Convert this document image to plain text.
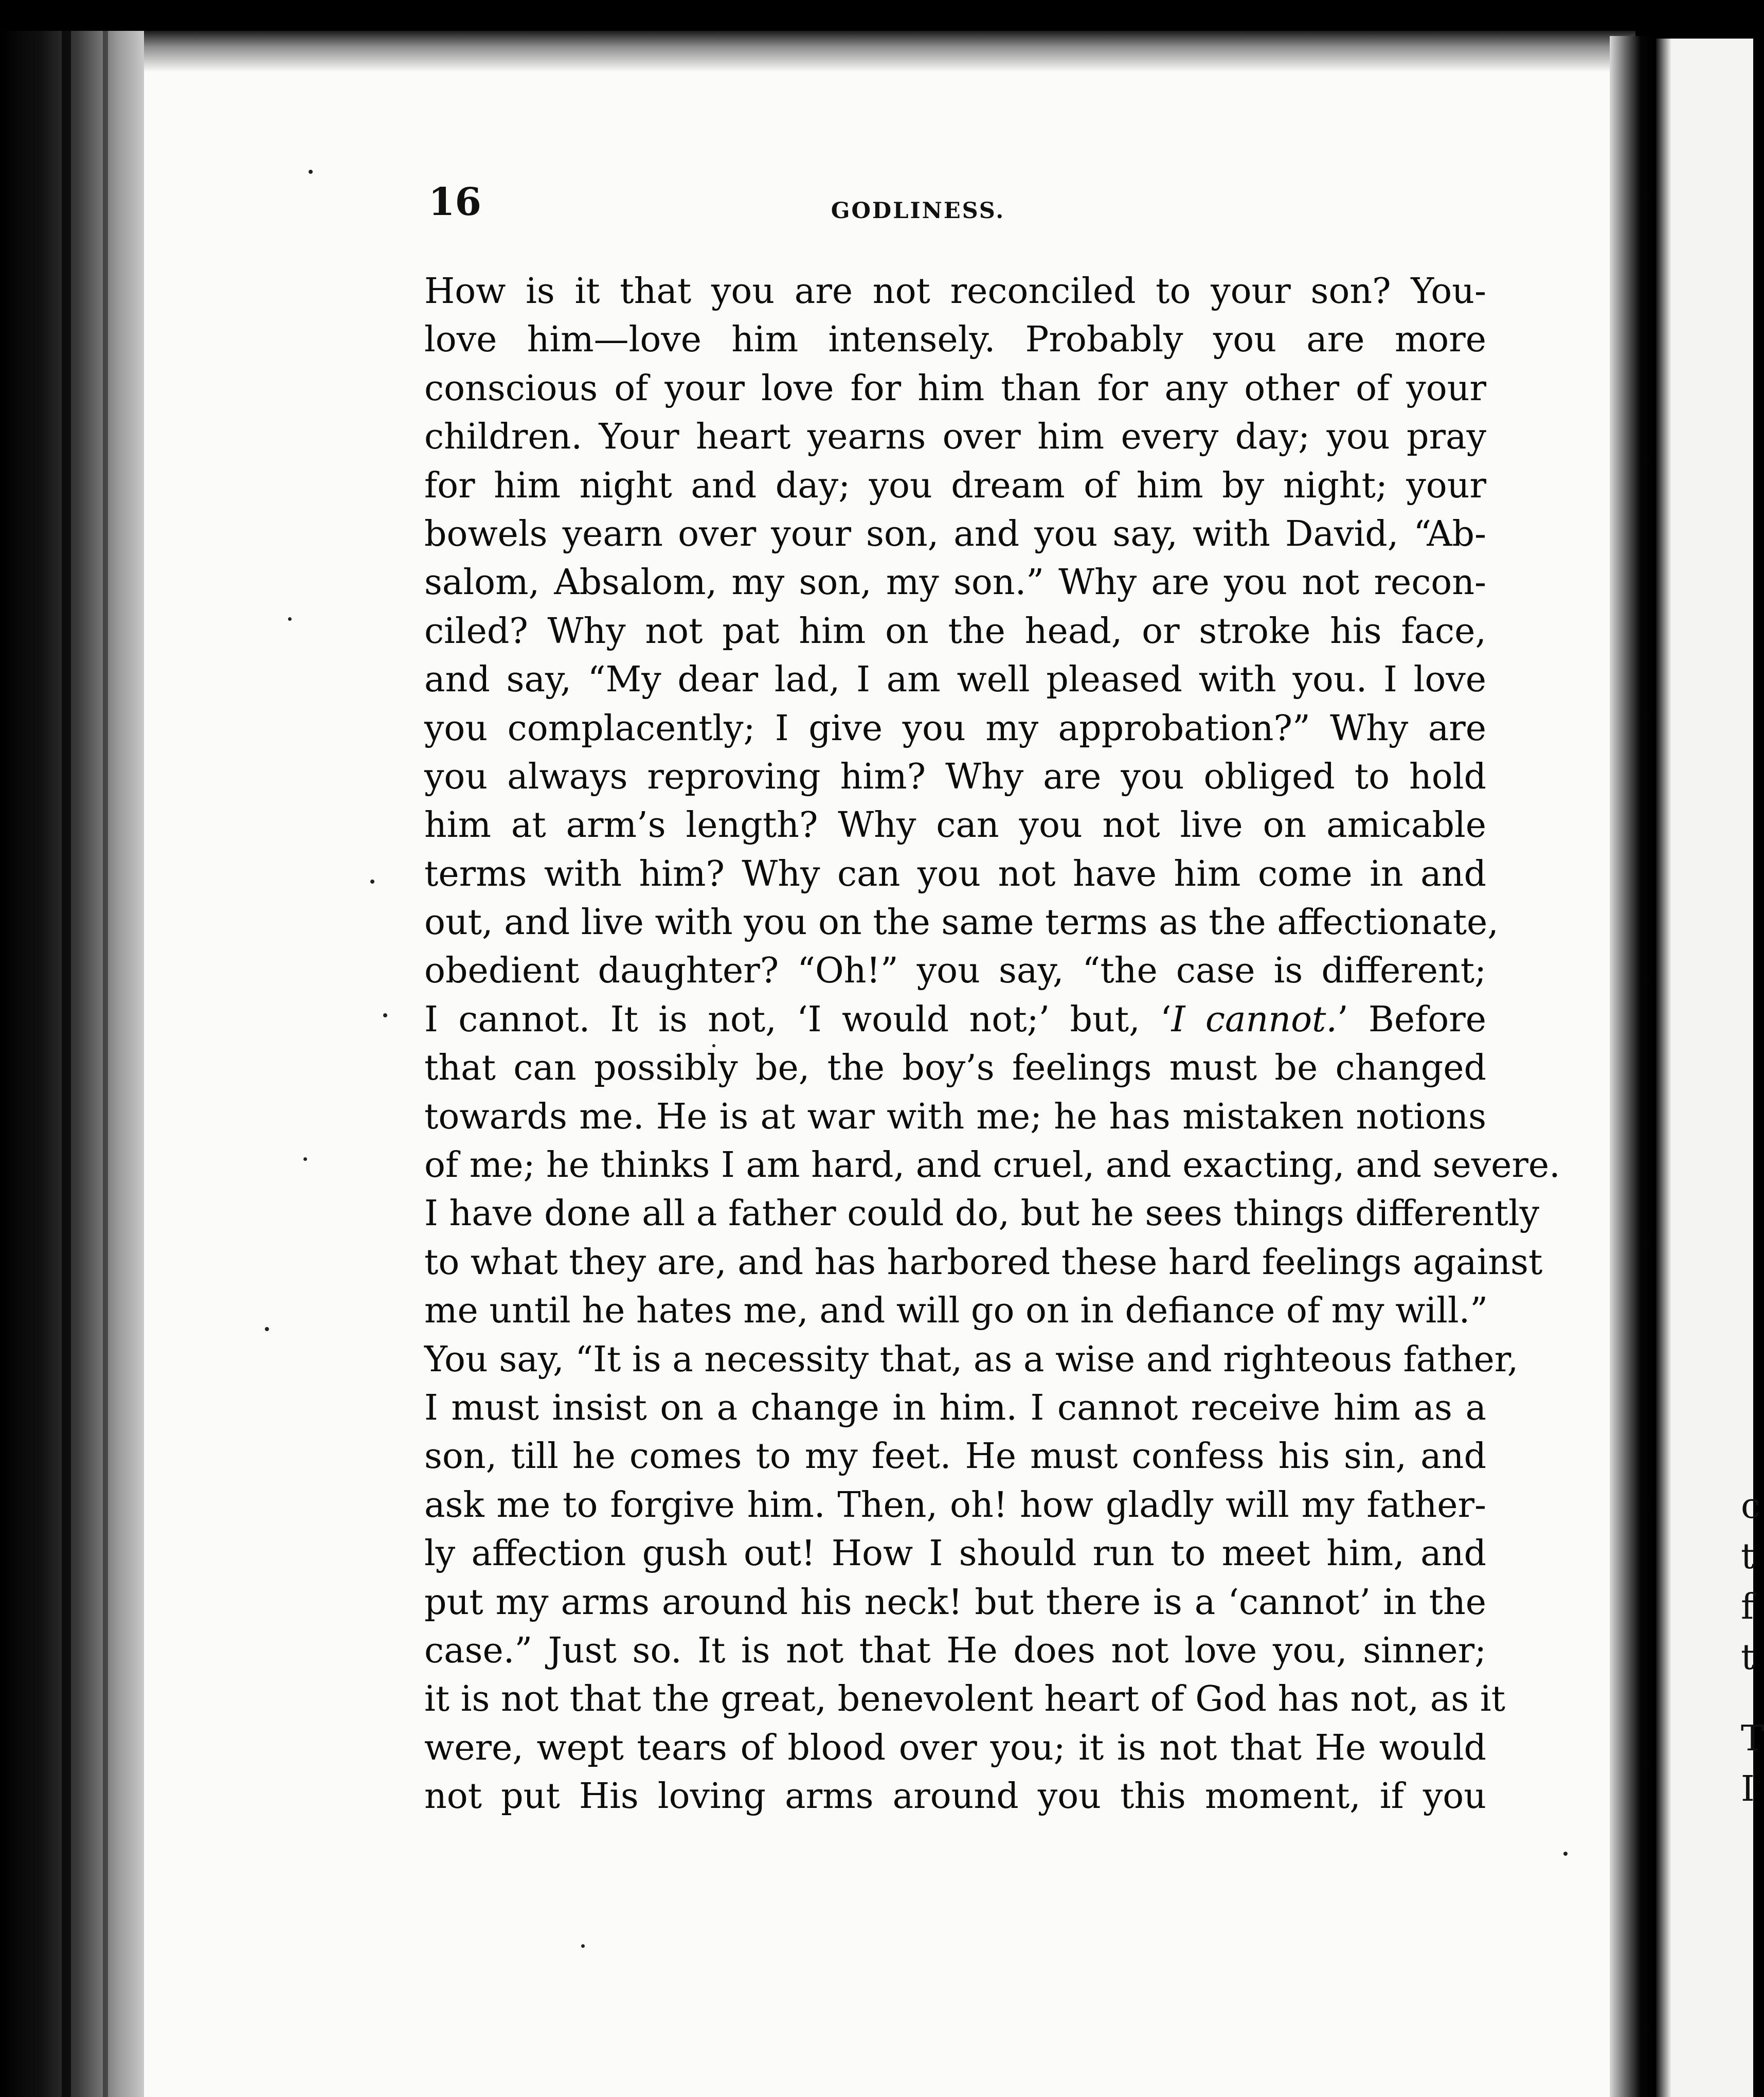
c
t
f
t
T
I
16	GODLINESS.
How is it that you are not reconciled to your son? You-
love him—love him intensely. Probably you are more
conscious of your love for him than for any other of your
children. Your heart yearns over him every day; you pray
for him night and day; you dream of him by night; your
bowels yearn over your son, and you say, with David, “Ab-
salom, Absalom, my son, my son.” Why are you not recon-
ciled? Why not pat him on the head, or stroke his face,
and say, “My dear lad, I am well pleased with you. I love
you complacently; I give you my approbation?” Why are
you always reproving him? Why are you obliged to hold
him at arm’s length? Why can you not live on amicable
terms with him? Why can you not have him come in and
out, and live with you on the same terms as the affectionate,
obedient daughter? “Oh!” you say, “the case is different;
I cannot. It is not, ‘I would not;’ but, ‘I cannot.’ Before
that can possibly be, the boy’s feelings must be changed
towards me. He is at war with me; he has mistaken notions
of me; he thinks I am hard, and cruel, and exacting, and severe.
I have done all a father could do, but he sees things differently
to what they are, and has harbored these hard feelings against
me until he hates me, and will go on in defiance of my will.”
You say, “It is a necessity that, as a wise and righteous father,
I must insist on a change in him. I cannot receive him as a
son, till he comes to my feet. He must confess his sin, and
ask me to forgive him. Then, oh! how gladly will my father-
ly affection gush out! How I should run to meet him, and
put my arms around his neck! but there is a ‘cannot’ in the
case.” Just so. It is not that He does not love you, sinner;
it is not that the great, benevolent heart of God has not, as it
were, wept tears of blood over you; it is not that He would
not put His loving arms around you this moment, if you
